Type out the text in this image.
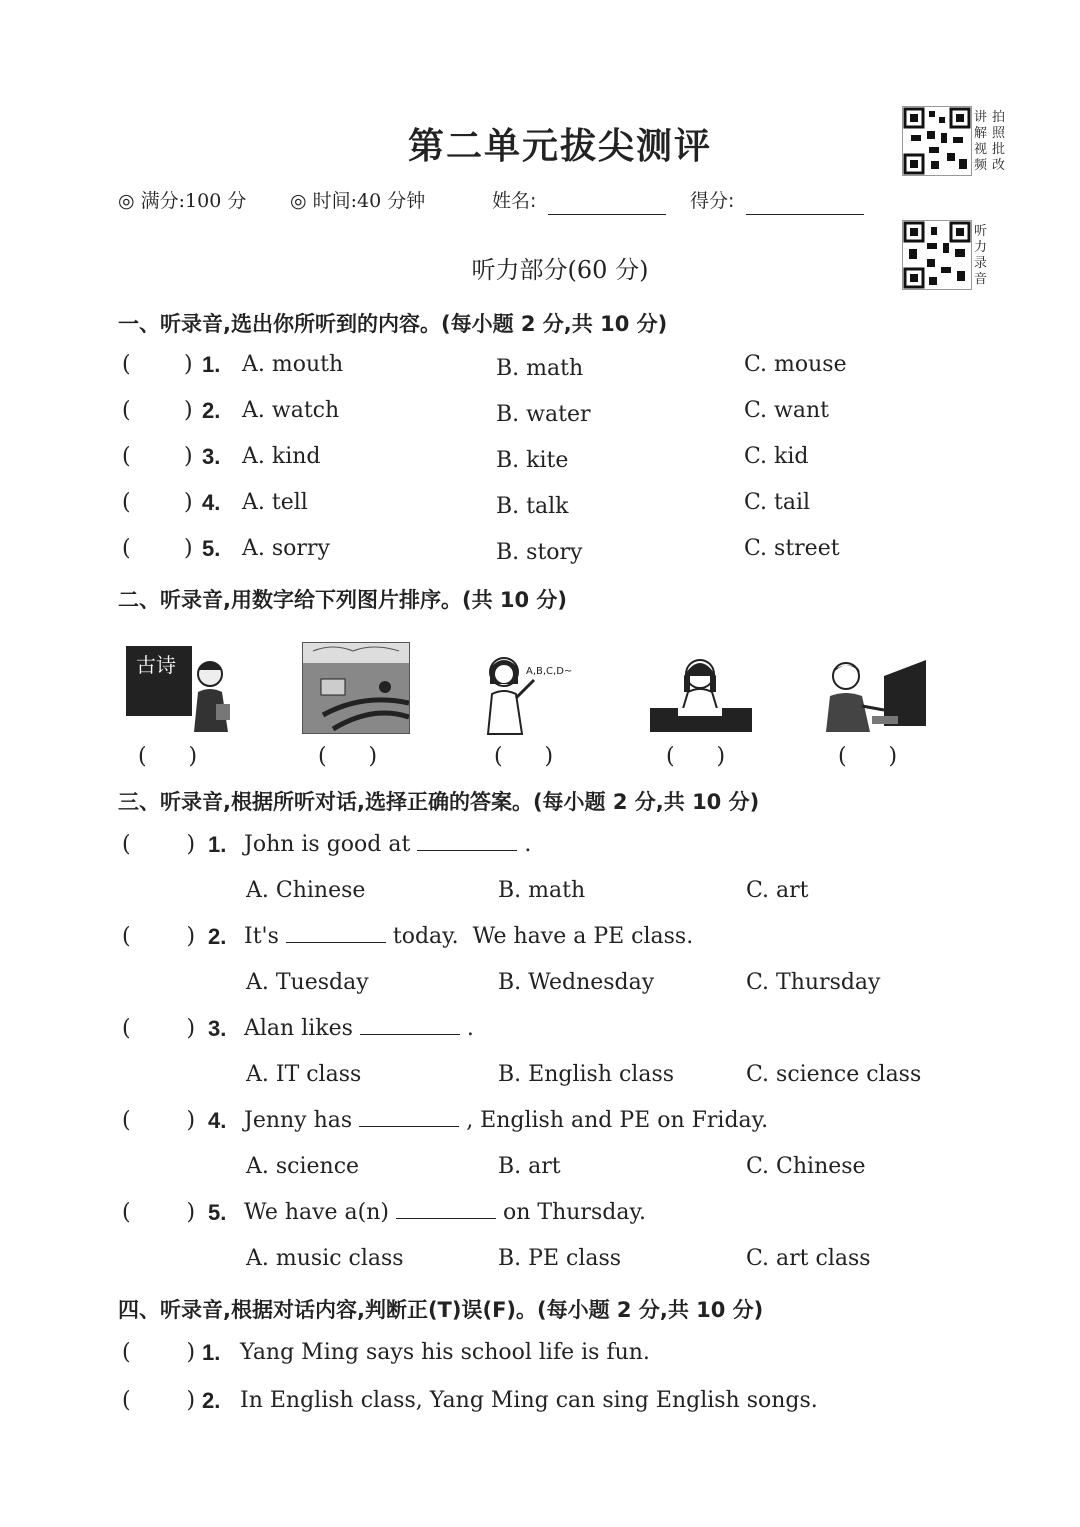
第二单元拔尖测评
讲解视频
拍照批改
听力录音
◎ 满分:100 分 ◎ 时间:40 分钟	姓名:	得分:
听力部分(60 分)
一、听录音,选出你所听到的内容。(每小题 2 分,共 10 分)
二、听录音,用数字给下列图片排序。(共 10 分)
古诗	A,B,C,D~
三、听录音,根据所听对话,选择正确的答案。(每小题 2 分,共 10 分)
四、听录音,根据对话内容,判断正(T)误(F)。(每小题 2 分,共 10 分)
( ) 1. A. mouth	B. math	C. mouse
( ) 2. A. watch	B. water	C. want
( ) 3. A. kind	B. kite	C. kid
( ) 4. A. tell	B. talk	C. tail
( ) 5. A. sorry	B. story	C. street
(      )	(      )	(      )	(      )	(      )
(        ) 1. John is good at	.
A. Chinese	B. math	C. art
(        ) 2. It's	today.  We have a PE class.
A. Tuesday	B. Wednesday	C. Thursday
(        ) 3. Alan likes	.
A. IT class	B. English class	C. science class
(        ) 4. Jenny has	, English and PE on Friday.
A. science	B. art	C. Chinese
(        ) 5. We have a(n)	on Thursday.
A. music class	B. PE class	C. art class
(        ) 1. Yang Ming says his school life is fun.
(        ) 2. In English class, Yang Ming can sing English songs.
